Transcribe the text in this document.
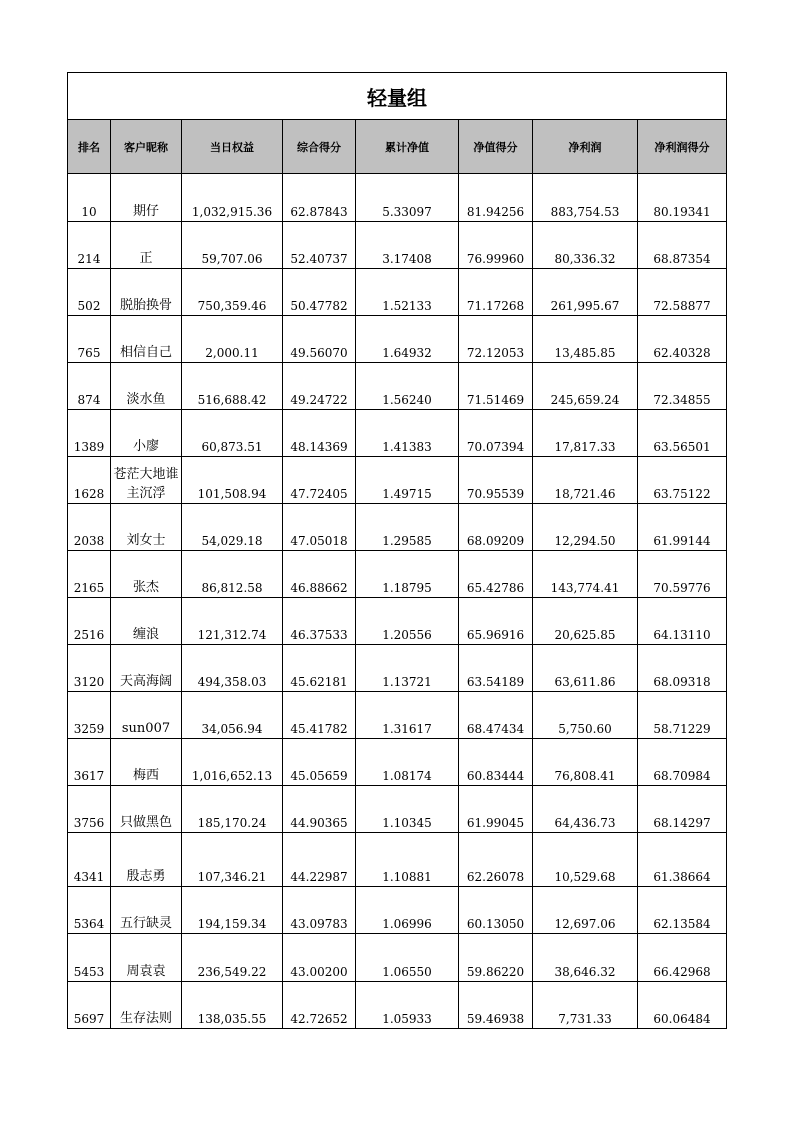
轻量组							
排名	客户昵称	当日权益	综合得分	累计净值	净值得分	净利润	净利润得分
10	期仔	1,032,915.36	62.87843	5.33097	81.94256	883,754.53	80.19341
214	正	59,707.06	52.40737	3.17408	76.99960	80,336.32	68.87354
502	脱胎换骨	750,359.46	50.47782	1.52133	71.17268	261,995.67	72.58877
765	相信自己	2,000.11	49.56070	1.64932	72.12053	13,485.85	62.40328
874	淡水鱼	516,688.42	49.24722	1.56240	71.51469	245,659.24	72.34855
1389	小廖	60,873.51	48.14369	1.41383	70.07394	17,817.33	63.56501
1628	苍茫大地谁主沉浮	101,508.94	47.72405	1.49715	70.95539	18,721.46	63.75122
2038	刘女士	54,029.18	47.05018	1.29585	68.09209	12,294.50	61.99144
2165	张杰	86,812.58	46.88662	1.18795	65.42786	143,774.41	70.59776
2516	缠浪	121,312.74	46.37533	1.20556	65.96916	20,625.85	64.13110
3120	天高海阔	494,358.03	45.62181	1.13721	63.54189	63,611.86	68.09318
3259	sun007	34,056.94	45.41782	1.31617	68.47434	5,750.60	58.71229
3617	梅西	1,016,652.13	45.05659	1.08174	60.83444	76,808.41	68.70984
3756	只做黑色	185,170.24	44.90365	1.10345	61.99045	64,436.73	68.14297
4341	殷志勇	107,346.21	44.22987	1.10881	62.26078	10,529.68	61.38664
5364	五行缺灵	194,159.34	43.09783	1.06996	60.13050	12,697.06	62.13584
5453	周袁袁	236,549.22	43.00200	1.06550	59.86220	38,646.32	66.42968
5697	生存法则	138,035.55	42.72652	1.05933	59.46938	7,731.33	60.06484
